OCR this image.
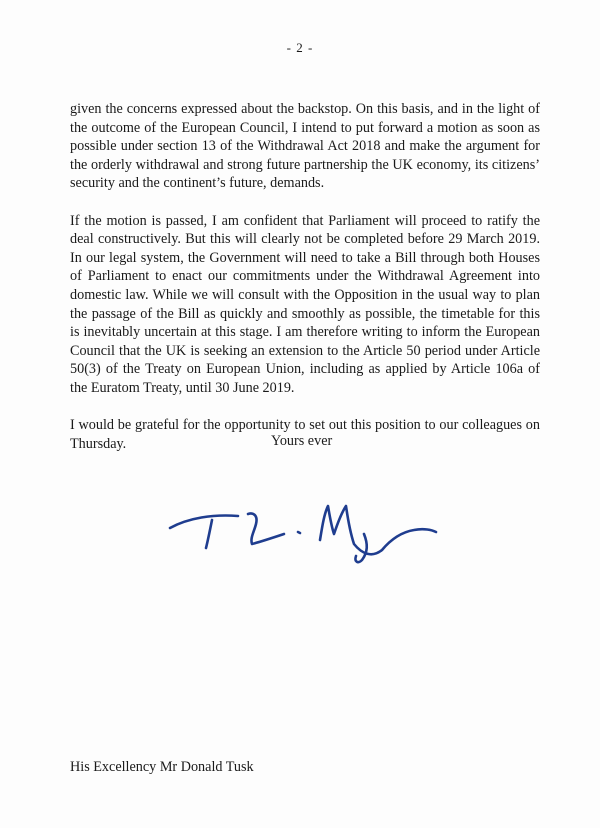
- 2 -

given the concerns expressed about the backstop. On this basis, and in the light of the outcome of the European Council, I intend to put forward a motion as soon as possible under section 13 of the Withdrawal Act 2018 and make the argument for the orderly withdrawal and strong future partnership the UK economy, its citizens’ security and the continent’s future, demands.

If the motion is passed, I am confident that Parliament will proceed to ratify the deal constructively. But this will clearly not be completed before 29 March 2019. In our legal system, the Government will need to take a Bill through both Houses of Parliament to enact our commitments under the Withdrawal Agreement into domestic law. While we will consult with the Opposition in the usual way to plan the passage of the Bill as quickly and smoothly as possible, the timetable for this is inevitably uncertain at this stage. I am therefore writing to inform the European Council that the UK is seeking an extension to the Article 50 period under Article 50(3) of the Treaty on European Union, including as applied by Article 106a of the Euratom Treaty, until 30 June 2019.

I would be grateful for the opportunity to set out this position to our colleagues on Thursday.	Yours ever
His Excellency Mr Donald Tusk
